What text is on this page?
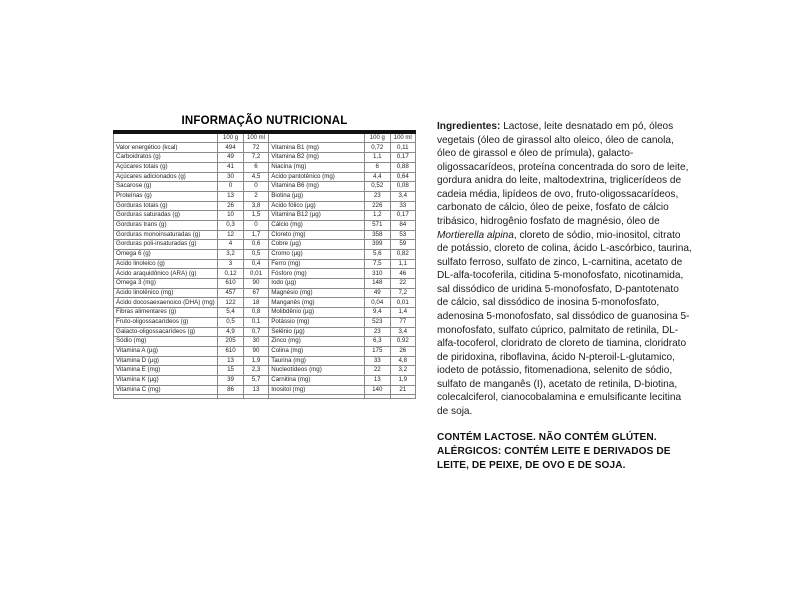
INFORMAÇÃO NUTRICIONAL
	100 g	100 ml		100 g	100 ml
Valor energético (kcal)	494	72	Vitamina B1 (mg)	0,72	0,11
Carboidratos (g)	49	7,2	Vitamina B2 (mg)	1,1	0,17
Açúcares totais (g)	41	6	Niacina (mg)	6	0,88
Açúcares adicionados (g)	30	4,5	Ácido pantotênico (mg)	4,4	0,64
Sacarose (g)	0	0	Vitamina B6 (mg)	0,52	0,08
Proteínas (g)	13	2	Biotina (µg)	23	3,4
Gorduras totais (g)	26	3,8	Ácido fólico (µg)	226	33
Gorduras saturadas (g)	10	1,5	Vitamina B12 (µg)	1,2	0,17
Gorduras trans (g)	0,3	0	Cálcio (mg)	571	84
Gorduras monoinsaturadas (g)	12	1,7	Cloreto (mg)	358	53
Gorduras poli-insaturadas (g)	4	0,6	Cobre (µg)	399	59
Ômega 6 (g)	3,2	0,5	Cromo (µg)	5,6	0,82
Ácido linoleico (g)	3	0,4	Ferro (mg)	7,5	1,1
Ácido araquidônico (ARA) (g)	0,12	0,01	Fósforo (mg)	310	46
Ômega 3 (mg)	610	90	Iodo (µg)	148	22
Ácido linolênico (mg)	457	67	Magnésio (mg)	49	7,2
Ácido docosaexaenoico (DHA) (mg)	122	18	Manganês (mg)	0,04	0,01
Fibras alimentares (g)	5,4	0,8	Molibdênio (µg)	9,4	1,4
Fruto-oligossacarídeos (g)	0,5	0,1	Potássio (mg)	523	77
Galacto-oligossacarídeos (g)	4,9	0,7	Selênio (µg)	23	3,4
Sódio (mg)	205	30	Zinco (mg)	6,3	0,92
Vitamina A (µg)	610	90	Colina (mg)	175	26
Vitamina D (µg)	13	1,9	Taurina (mg)	33	4,8
Vitamina E (mg)	15	2,3	Nucleotídeos (mg)	22	3,2
Vitamina K (µg)	39	5,7	Carnitina (mg)	13	1,9
Vitamina C (mg)	86	13	Inositol (mg)	140	21

Ingredientes: Lactose, leite desnatado em pó, óleos vegetais (óleo de girassol alto oleico, óleo de canola, óleo de girassol e óleo de prímula), galacto-oligossacarídeos, proteína concentrada do soro de leite, gordura anidra do leite, maltodextrina, triglicerídeos de cadeia média, lipídeos de ovo, fruto-oligossacarídeos, carbonato de cálcio, óleo de peixe, fosfato de cálcio tribásico, hidrogênio fosfato de magnésio, óleo de Mortierella alpina, cloreto de sódio, mio-inositol, citrato de potássio, cloreto de colina, ácido L-ascórbico, taurina, sulfato ferroso, sulfato de zinco, L-carnitina, acetato de DL-alfa-tocoferila, citidina 5-monofosfato, nicotinamida, sal dissódico de uridina 5-monofosfato, D-pantotenato de cálcio, sal dissódico de inosina 5-monofosfato, adenosina 5-monofosfato, sal dissódico de guanosina 5-monofosfato, sulfato cúprico, palmitato de retinila, DL-alfa-tocoferol, cloridrato de cloreto de tiamina, cloridrato de piridoxina, riboflavina, ácido N-pteroil-L-glutamico, iodeto de potássio, fitomenadiona, selenito de sódio, sulfato de manganês (I), acetato de retinila, D-biotina, colecalciferol, cianocobalamina e emulsificante lecitina de soja.

CONTÉM LACTOSE. NÃO CONTÉM GLÚTEN.
ALÉRGICOS: CONTÉM LEITE E DERIVADOS DE
LEITE, DE PEIXE, DE OVO E DE SOJA.
